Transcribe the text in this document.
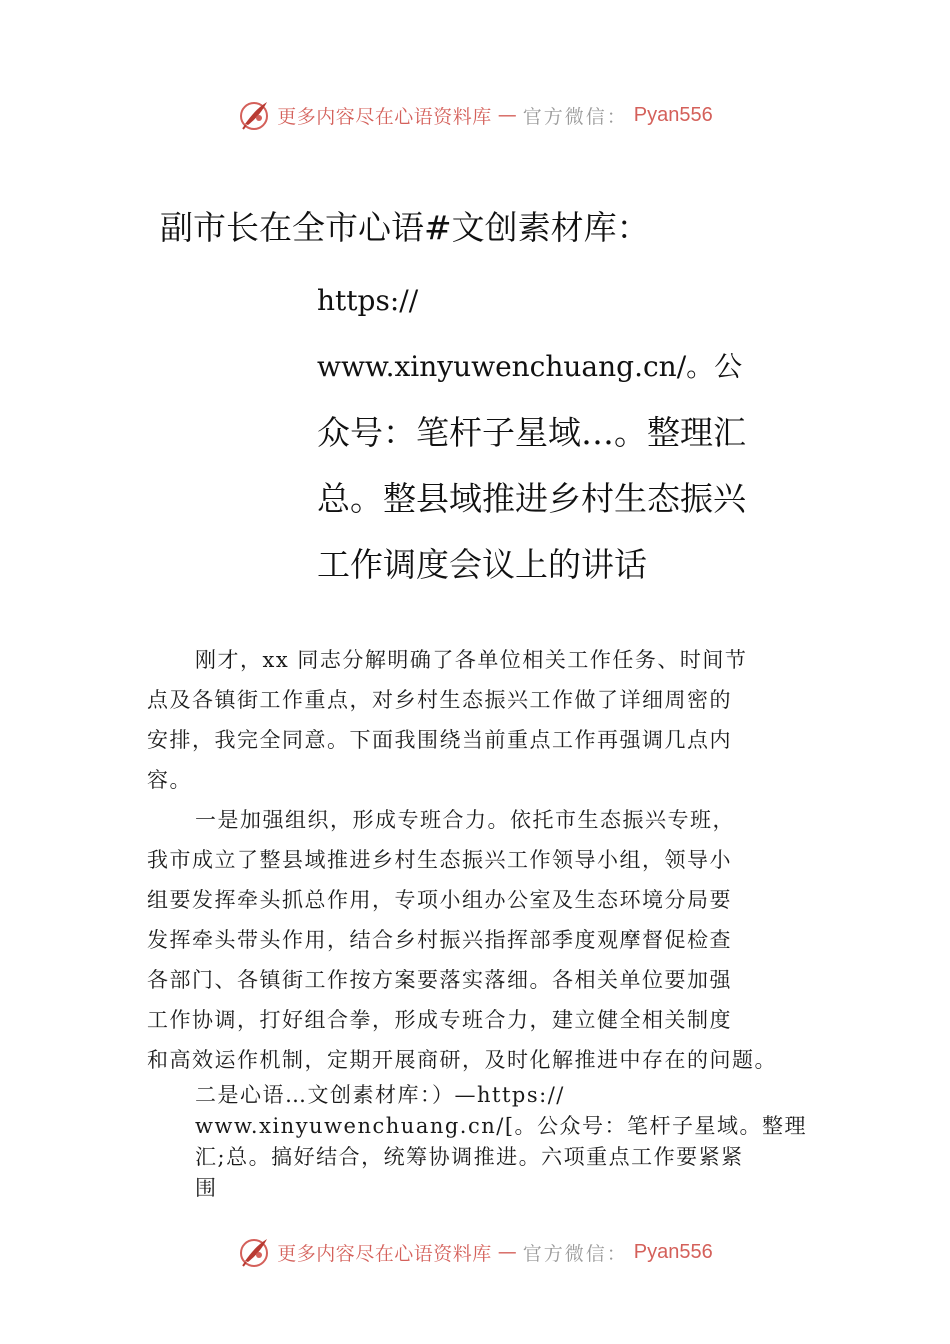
更多内容尽在心语资料库 — 官方微信： Pyan556
副市长在全市心语#文创素材库：
https://
www.xinyuwenchuang.cn/。公
众号：笔杆子星域…。整理汇
总。整县域推进乡村生态振兴
工作调度会议上的讲话
刚才，xx 同志分解明确了各单位相关工作任务、时间节
点及各镇街工作重点，对乡村生态振兴工作做了详细周密的
安排，我完全同意。下面我围绕当前重点工作再强调几点内
容。
一是加强组织，形成专班合力。依托市生态振兴专班，
我市成立了整县域推进乡村生态振兴工作领导小组，领导小
组要发挥牵头抓总作用，专项小组办公室及生态环境分局要
发挥牵头带头作用，结合乡村振兴指挥部季度观摩督促检查
各部门、各镇街工作按方案要落实落细。各相关单位要加强
工作协调，打好组合拳，形成专班合力，建立健全相关制度
和高效运作机制，定期开展商研，及时化解推进中存在的问题。
二是心语…文创素材库：）—https://
www.xinyuwenchuang.cn/[。公众号：笔杆子星域。整理
汇;总。搞好结合，统筹协调推进。六项重点工作要紧紧
围
更多内容尽在心语资料库 — 官方微信： Pyan556
